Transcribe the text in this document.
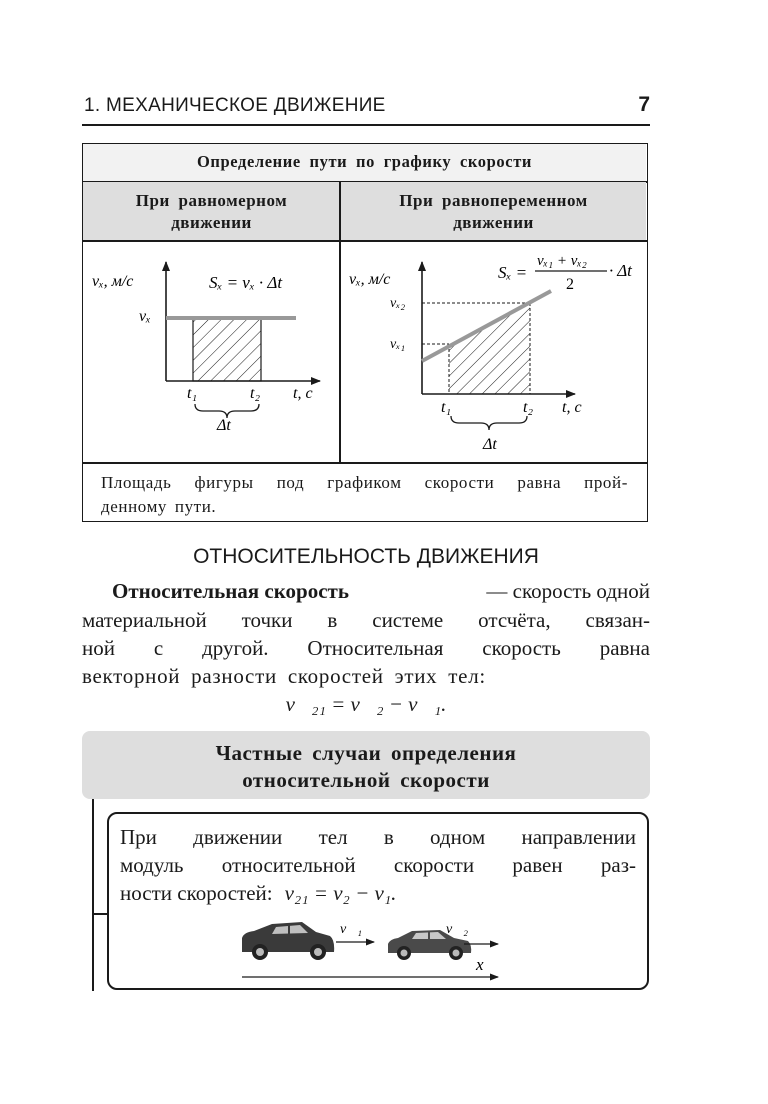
1. МЕХАНИЧЕСКОЕ ДВИЖЕНИЕ	7
Определение пути по графику скорости
При равномерном
движении
При равнопеременном
движении
Площадь фигуры под графиком скорости равна прой-
денному пути.
vₓ, м/с	Sₓ = vₓ · Δt
vₓ
t₁	t₂ t, с
Δt
vₓ, м/с
vₓ₂
vₓ₁
Sₓ =
vₓ₁ + vₓ₂
2
· Δt
t₁	t₂ t, с
Δt
ОТНОСИТЕЛЬНОСТЬ ДВИЖЕНИЯ
Относительная скорость	— скорость одной
материальной точки в системе отсчёта, связан-
ной с другой. Относительная скорость равна
векторной разности скоростей этих тел:
v⃗₂₁ = v⃗₂ − v⃗₁.
Частные случаи определения
относительной скорости
При движении тел в одном направлении
модуль относительной скорости равен раз-
ности скоростей: v₂₁ = v₂ − v₁.
v⃗₁	v⃗₂
x
